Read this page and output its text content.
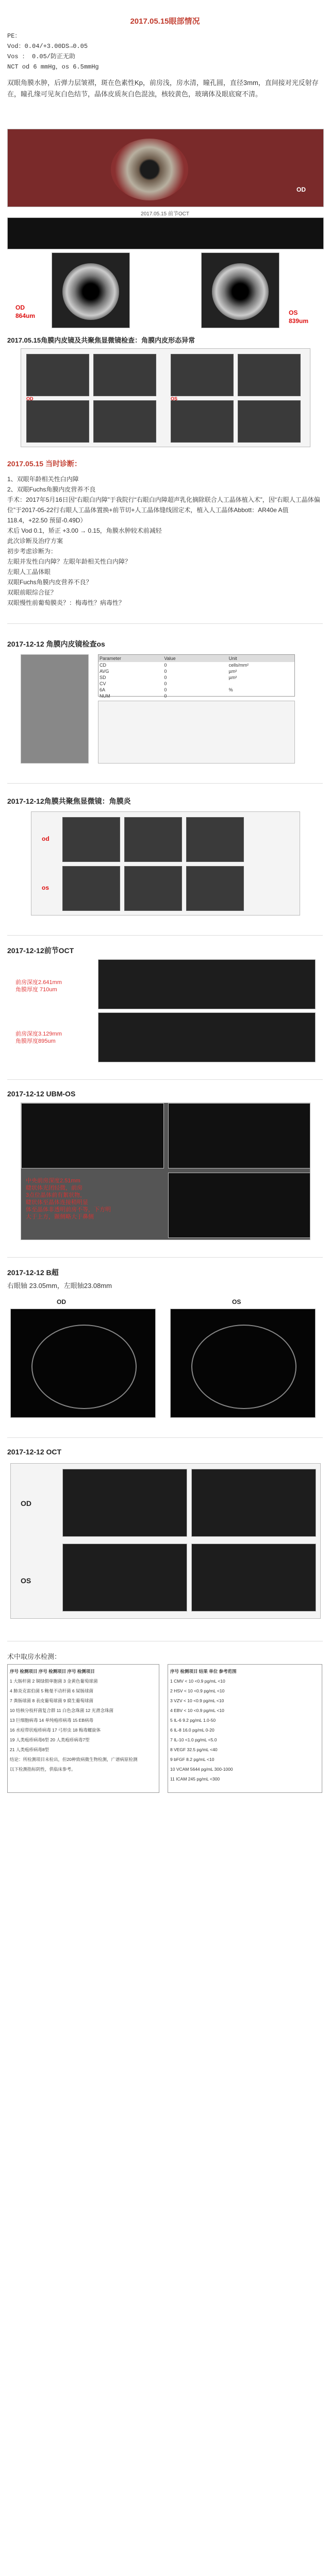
2017.05.15眼部情况
PE：
Vod：0.04/+3.00DS→0.05
Vos ： 0.05/防正无助
NCT od 6 mmHg，os 6.5mmHg
双眼角膜水肿，后弹力层皱褶，斑在色素性Kp，前房浅，房水清，瞳孔圆，直径3mm，直间接对光反射存在，瞳孔缘可见灰白色结节，晶体皮质灰白色混浊，核较黄色，玻璃体及眼底窥不清。
OD
2017.05.15 前节OCT
OD
864um	OS
839um
2017.05.15角膜内皮镜及共聚焦显微镜检查：角膜内皮形态异常
OD	OS
2017.05.15 当时诊断：
1、双眼年龄相关性白内障
2、双眼Fuchs角膜内皮营养不良
手术：2017年5月16日因“右眼白内障”于我院行“右眼白内障超声乳化摘除联合人工晶体植入术”，因“右眼人工晶体偏位”于2017-05-22行右眼人工晶体置换+前节切+人工晶体缝线固定术，植入人工晶体Abbott：AR40e A值118.4，+22.50 预留-0.49D）
术后 Vod 0.1，矫正 +3.00 → 0.15，角膜水肿较术前减轻
此次诊断及治疗方案
初步考虑诊断为：
左眼并发性白内障？左眼年龄相关性白内障？
左眼人工晶体眼
双眼Fuchs角膜内皮营养不良？
双眼前眼综合征？
双眼慢性前葡萄膜炎？：梅毒性？病毒性？
2017-12-12 角膜内皮镜检查os
Parameter	Value	Unit
CD	0	cells/mm²
AVG	0	µm²
SD	0	µm²
CV	0
6A	0	%
NUM	0
2017-12-12角膜共聚焦显微镜：角膜炎
od
os
2017-12-12前节OCT
前房深度2.641mm
角膜厚度 710um
前房深度3.129mm
角膜厚度895um
2017-12-12 UBM-OS
中央前房深度2.51mm
睫状体光团轻微，前房
3点位晶体前有絮状物，
睫状体至晶体连接稍明显
体至晶体非透明前房不等，下方明
大于上方，颞侧略大于鼻侧
2017-12-12 B超
右眼轴 23.05mm，左眼轴23.08mm
OD	OS
2017-12-12 OCT
OD
OS
术中取房水检测：
序号 检测项目 序号 检测项目 序号 检测项目
1 大肠杆菌 2 铜绿假单胞菌 3 金黄色葡萄球菌
4 肺炎克雷伯菌 5 鲍曼不动杆菌 6 屎肠球菌
7 粪肠球菌 8 表皮葡萄球菌 9 腐生葡萄球菌
10 结核分枝杆菌复合群 11 白色念珠菌 12 光滑念珠菌
13 巨细胞病毒 14 单纯疱疹病毒 15 EB病毒
16 水痘带状疱疹病毒 17 弓形虫 18 梅毒螺旋体
19 人类疱疹病毒6型 20 人类疱疹病毒7型
21 人类疱疹病毒8型
结论：所检测项目未检出，但20种致病微生物检测，广谱病原检测
以下检测指标阴性，供临床参考。
序号 检测项目 结果 单位 参考范围
1 CMV < 10 <0.9 pg/mL <10
2 HSV < 10 <0.9 pg/mL <10
3 VZV < 10 <0.9 pg/mL <10
4 EBV < 10 <0.9 pg/mL <10
5 IL-6 9.2 pg/mL 1.0-50
6 IL-8 16.0 pg/mL 0-20
7 IL-10 <1.0 pg/mL <5.0
8 VEGF 32.5 pg/mL <40
9 bFGF 8.2 pg/mL <10
10 VCAM 5644 pg/mL 300-1000
11 ICAM 245 pg/mL <300
